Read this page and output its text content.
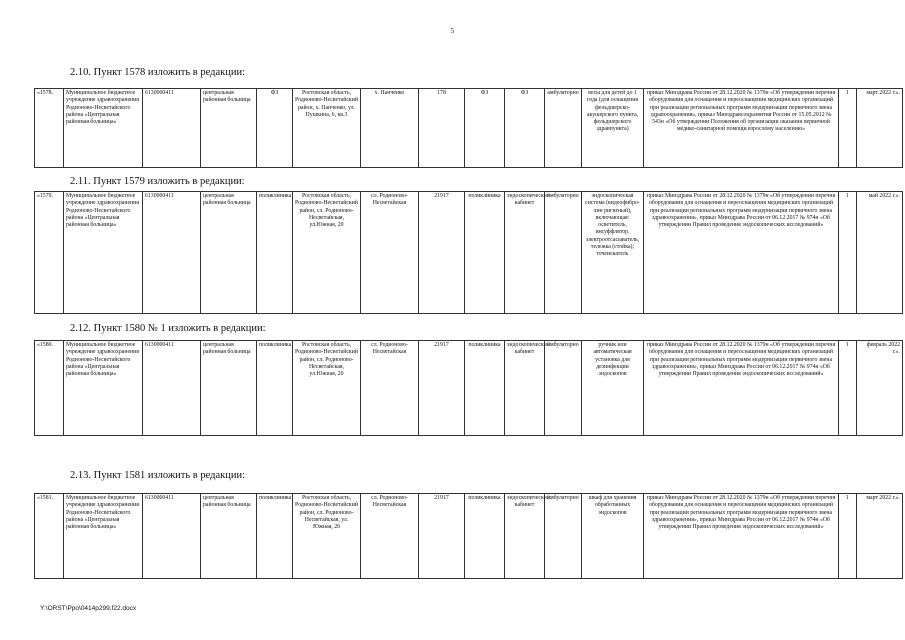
5
2.10. Пункт 1578 изложить в редакции:
«1578.	Муниципальное бюджетное учреждение здравоохранения Родионово-Несветайского района «Центральная районная больница»	6130000411	центральная районная больница	ФЗ	Ростовская область, Родионово-Несветайский район, х. Панченко, ул. Пушкина, 6, кв.3	х. Панченко	178	ФЗ	ФЗ	амбулаторно	весы для детей до 1 года (для оснащения фельдшерско-акушерского пункта, фельдшерского здравпункта)	приказ Минздрава России от 28.12.2020 № 1379н «Об утверждении перечня оборудования для оснащения и переоснащения медицинских организаций при реализации региональных программ модернизации первичного звена здравоохранения», приказ Минздравсоцразвития России от 15.05.2012 № 543н «Об утверждении Положения об организации оказания первичной медико-санитарной помощи взрослому населению»	1	март 2022 г.».
2.11. Пункт 1579 изложить в редакции:
«1579.	Муниципальное бюджетное учреждение здравоохранения Родионово-Несветайского района «Центральная районная больница»	6130000411	центральная районная больница	поликлиника	Ростовская область, Родионово-Несветайский район, сл. Родионово-Несветайская, ул.Южная, 20	сл. Родионово-Несветайская	21917	поликлиника	эндоскопический кабинет	амбулаторно	эндоскопическая система (видеофибро-лин ригигный), включающая: осветитель, инсуффлятор, электроотсасыватель, тележка (стойка); течеискатель	приказ Минздрава России от 28.12.2020 № 1379н «Об утверждении перечня оборудования для оснащения и переоснащения медицинских организаций при реализации региональных программ модернизации первичного звена здравоохранения», приказ Минздрава России от 06.12.2017 № 974н «Об утверждении Правил проведения эндоскопических исследований»	1	май 2022 г.».
2.12. Пункт 1580 № 1 изложить в редакции:
«1580.	Муниципальное бюджетное учреждение здравоохранения Родионово-Несветайского района «Центральная районная больница»	6130000411	центральная районная больница	поликлиника	Ростовская область, Родионово-Несветайский район, сл. Родионово-Несветайская, ул.Южная, 20	сл. Родионово-Несветайская	21917	поликлиника	эндоскопический кабинет	амбулаторно	ручник или автоматическая установка для дезинфекции эндоскопов	приказ Минздрава России от 28.12.2020 № 1379н «Об утверждении перечня оборудования для оснащения и переоснащения медицинских организаций при реализации региональных программ модернизации первичного звена здравоохранения», приказ Минздрава России от 06.12.2017 № 974н «Об утверждении Правил проведения эндоскопических исследований»	1	февраль 2022 г.».
2.13. Пункт 1581 изложить в редакции:
«1581.	Муниципальное бюджетное учреждение здравоохранения Родионово-Несветайского района «Центральная районная больница»	6130000411	центральная районная больница	поликлиника	Ростовская область, Родионово-Несветайский район, сл. Родионово-Несветайская, ул. Южная, 20	сл. Родионово-Несветайская	21917	поликлиника	эндоскопический кабинет	амбулаторно	шкаф для хранения обработанных эндоскопов	приказ Минздрава России от 28.12.2020 № 1379н «Об утверждении перечня оборудования для оснащения и переоснащения медицинских организаций при реализации региональных программ модернизации первичного звена здравоохранения», приказ Минздрава России от 06.12.2017 № 974н «Об утверждении Правил проведения эндоскопических исследований»	1	март 2022 г.».
Y:\ORST\Ppo\0414p299.f22.docx
